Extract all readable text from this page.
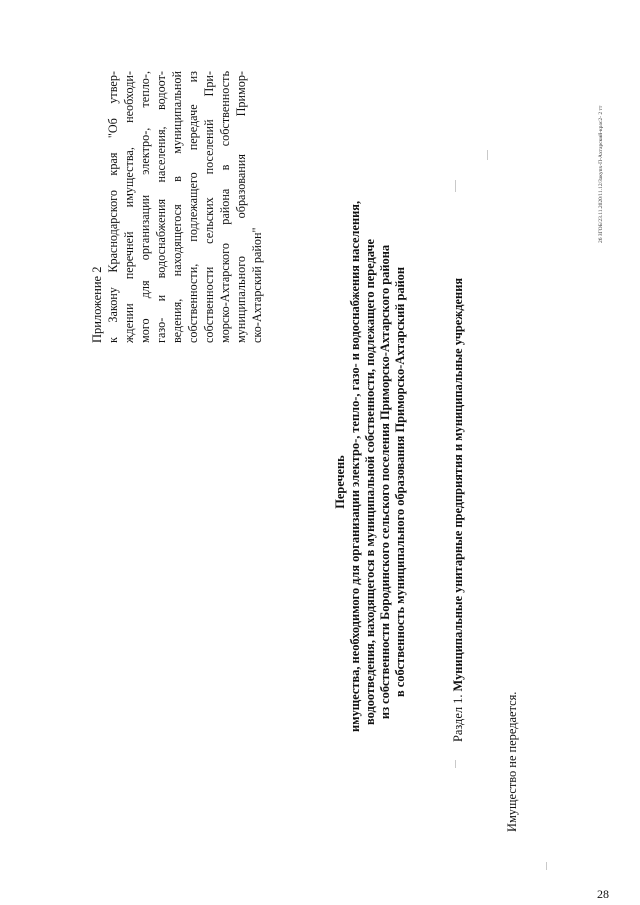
Приложение 2 к Закону Краснодарского края "Об утвер- ждении перечней имущества, необходи- мого для организации электро-, тепло-, газо- и водоснабжения населения, водоот- ведения, находящегося в муниципальной собственности, подлежащего передаче из собственности сельских поселений При- морско-Ахтарского района в собственность муниципального образования Примор- ско-Ахтарский район"
Перечень имущества, необходимого для организации электро-, тепло-, газо- и водоснабжения населения, водоотведения, находящегося в муниципальной собственности, подлежащего передаче из собственности Бородинского сельского поселения Приморско-Ахтарского района в собственность муниципального образования Приморско-Ахтарский район
Раздел 1. Муниципальные унитарные предприятия и муниципальные учреждения
Имущество не передается.
26 ЗГОБ/23.11.2020/11.12/Закупх-П-Ахтарский-крас2- 2 тт
28
